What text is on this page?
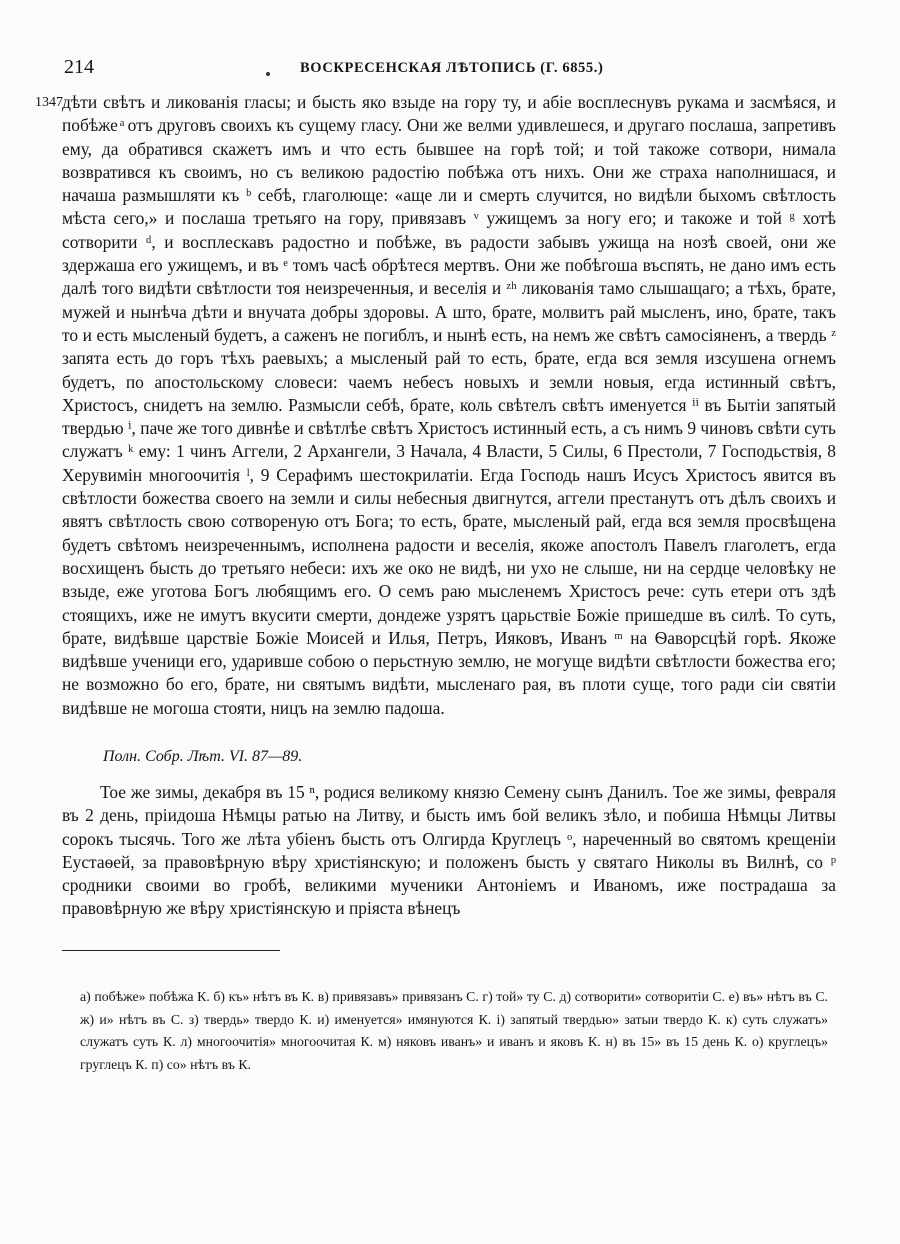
214	ВОСКРЕСЕНСКАЯ ЛѢТОПИСЬ (Г. 6855.)
1347 дѣти свѣтъ и ликованія гласы; и бысть яко взыде на гору ту, и абіе восплеснувъ рукама и засмѣяся, и побѣже ͣ отъ друговъ своихъ къ сущему гласу. Они же велми удивлешеся, и другаго послаша, запретивъ ему, да обратився скажетъ имъ и что есть бывшее на горѣ той; и той такоже сотвори, нимала возвратився къ своимъ, но съ великою радостію побѣжа отъ нихъ. Они же страха наполнишася, и начаша размышляти къ ᵇ себѣ, глаголюще: «аще ли и смерть случится, но видѣли быхомъ свѣтлость мѣста сего,» и послаша третьяго на гору, привязавъ ᵛ ужищемъ за ногу его; и такоже и той ᵍ хотѣ сотворити ᵈ, и восплескавъ радостно и побѣже, въ радости забывъ ужища на нозѣ своей, они же здержаша его ужищемъ, и въ ᵉ томъ часѣ обрѣтеся мертвъ. Они же побѣгоша въспять, не дано имъ есть далѣ того видѣти свѣтлости тоя неизреченныя, и веселія и ᶻʰ ликованія тамо слышащаго; а тѣхъ, брате, мужей и нынѣча дѣти и внучата добры здоровы. А што, брате, молвитъ рай мысленъ, ино, брате, такъ то и есть мысленый будетъ, а саженъ не погиблъ, и нынѣ есть, на немъ же свѣтъ самосіяненъ, а твердь ᶻ запята есть до горъ тѣхъ раевыхъ; а мысленый рай то есть, брате, егда вся земля изсушена огнемъ будетъ, по апостольскому словеси: чаемъ небесъ новыхъ и земли новыя, егда истинный свѣтъ, Христосъ, снидетъ на землю. Размысли себѣ, брате, коль свѣтелъ свѣтъ именуется ⁱⁱ въ Бытіи запятый твердью ⁱ, паче же того дивнѣе и свѣтлѣе свѣтъ Христосъ истинный есть, а съ нимъ 9 чиновъ свѣти суть служатъ ᵏ ему: 1 чинъ Аггели, 2 Архангели, 3 Начала, 4 Власти, 5 Силы, 6 Престоли, 7 Господьствія, 8 Херувимін многоочитія ˡ, 9 Серафимъ шестокрилатіи. Егда Господь нашъ Исусъ Христосъ явится въ свѣтлости божества своего на земли и силы небесныя двигнутся, аггели престанутъ отъ дѣлъ своихъ и явятъ свѣтлость свою сотвореную отъ Бога; то есть, брате, мысленый рай, егда вся земля просвѣщена будетъ свѣтомъ неизреченнымъ, исполнена радости и веселія, якоже апостолъ Павелъ глаголетъ, егда восхищенъ бысть до третьяго небеси: ихъ же око не видѣ, ни ухо не слыше, ни на сердце человѣку не взыде, еже уготова Богъ любящимъ его. О семъ раю мысленемъ Христосъ рече: суть етери отъ здѣ стоящихъ, иже не имутъ вкусити смерти, дондеже узрятъ царьствіе Божіе пришедше въ силѣ. То суть, брате, видѣвше царствіе Божіе Моисей и Илья, Петръ, Ияковъ, Иванъ ᵐ на Ѳаворсцѣй горѣ. Якоже видѣвше ученици его, ударивше собою о перьстную землю, не могуще видѣти свѣтлости божества его; не возможно бо его, брате, ни святымъ видѣти, мысленаго рая, въ плоти суще, того ради сіи святіи видѣвше не могоша стояти, ницъ на землю падоша.

Полн. Собр. Лѣт. VI. 87—89.

Тое же зимы, декабря въ 15 ⁿ, родися великому князю Семену сынъ Данилъ. Тое же зимы, февраля въ 2 день, пріидоша Нѣмцы ратью на Литву, и бысть имъ бой великъ зѣло, и побиша Нѣмцы Литвы сорокъ тысячь. Того же лѣта убіенъ бысть отъ Олгирда Круглецъ ᵒ, нареченный во святомъ крещеніи Еустаѳей, за правовѣрную вѣру христіянскую; и положенъ бысть у святаго Николы въ Вилнѣ, со ᵖ сродники своими во гробѣ, великими мученики Антоніемъ и Иваномъ, иже пострадаша за правовѣрную же вѣру христіянскую и пріяста вѣнецъ

а) побѣже» побѣжа К. б) къ» нѣтъ въ К. в) привязавъ» привязанъ С. г) той» ту С. д) сотворити» сотворитіи С. е) въ» нѣтъ въ С. ж) и» нѣтъ въ С. з) твердь» твердо К. и) именуется» имянуются К. і) запятый твердью» затыи твердо К. к) суть служатъ» служатъ суть К. л) многоочитія» многоочитая К. м) няковъ иванъ» и иванъ и яковъ К. н) въ 15» въ 15 день К. о) круглецъ» груглецъ К. п) со» нѣтъ въ К.
